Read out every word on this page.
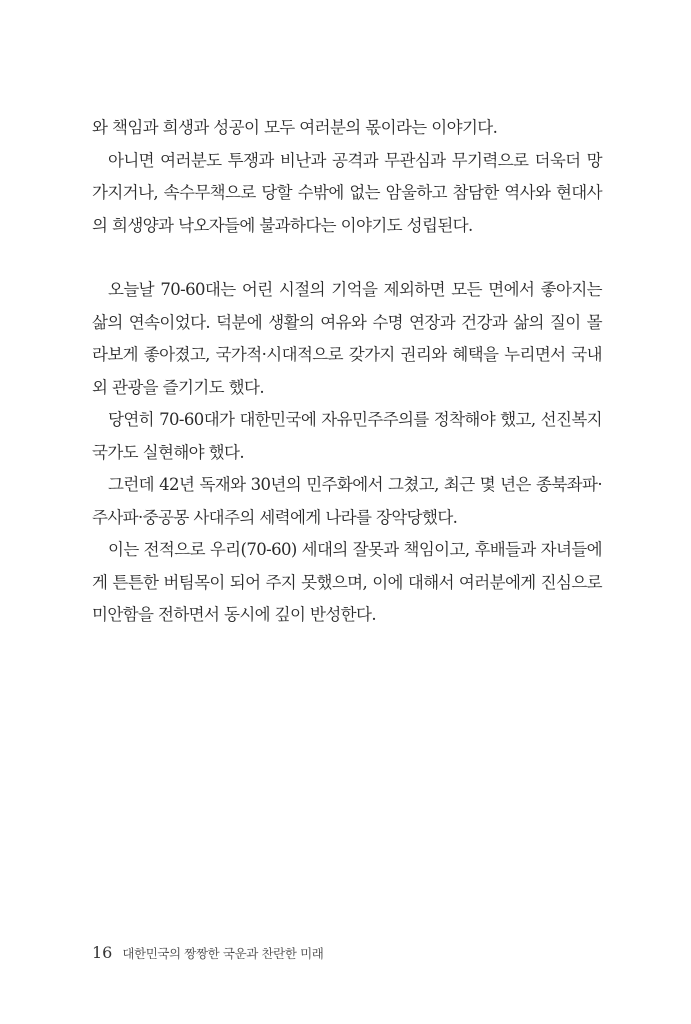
와 책임과 희생과 성공이 모두 여러분의 몫이라는 이야기다.

아니면 여러분도 투쟁과 비난과 공격과 무관심과 무기력으로 더욱더 망가지거나, 속수무책으로 당할 수밖에 없는 암울하고 참담한 역사와 현대사의 희생양과 낙오자들에 불과하다는 이야기도 성립된다.

오늘날 70-60대는 어린 시절의 기억을 제외하면 모든 면에서 좋아지는 삶의 연속이었다. 덕분에 생활의 여유와 수명 연장과 건강과 삶의 질이 몰라보게 좋아졌고, 국가적·시대적으로 갖가지 권리와 혜택을 누리면서 국내외 관광을 즐기기도 했다.

당연히 70-60대가 대한민국에 자유민주주의를 정착해야 했고, 선진복지국가도 실현해야 했다.

그런데 42년 독재와 30년의 민주화에서 그쳤고, 최근 몇 년은 종북좌파·주사파·중공몽 사대주의 세력에게 나라를 장악당했다.

이는 전적으로 우리(70-60) 세대의 잘못과 책임이고, 후배들과 자녀들에게 튼튼한 버팀목이 되어 주지 못했으며, 이에 대해서 여러분에게 진심으로 미안함을 전하면서 동시에 깊이 반성한다.

16 대한민국의 짱짱한 국운과 찬란한 미래
